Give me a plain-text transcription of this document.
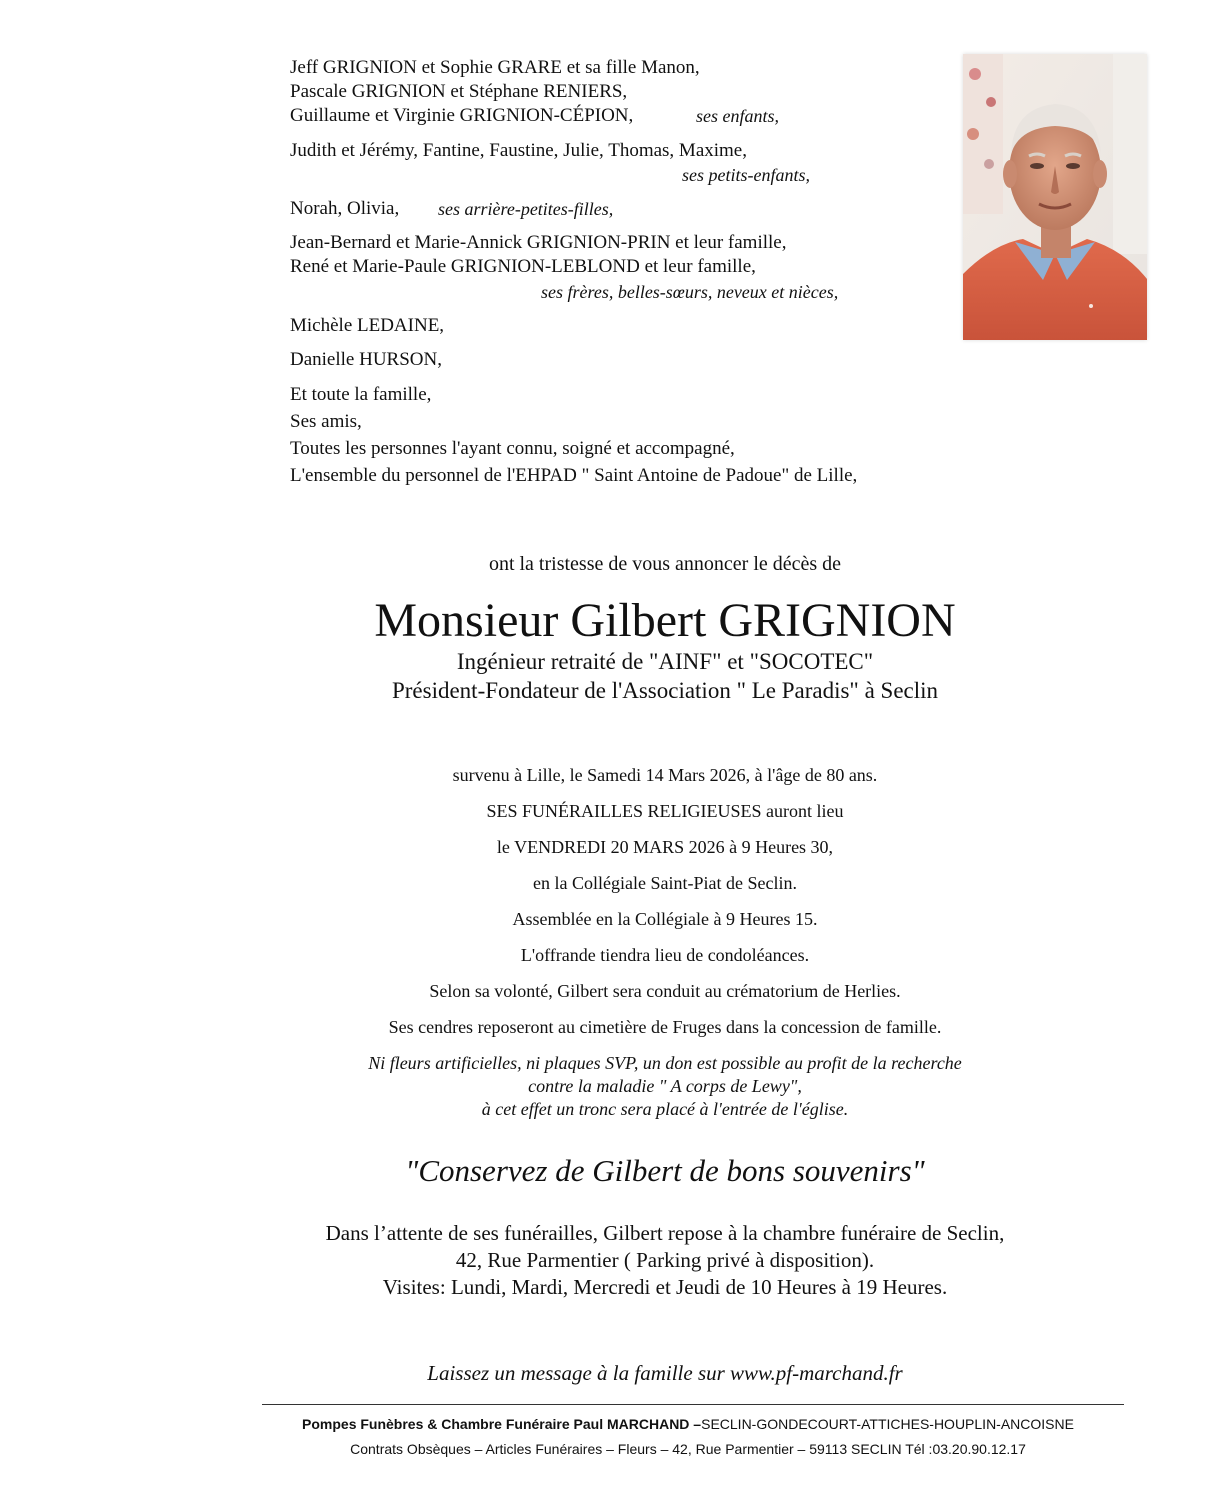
Jeff GRIGNION et Sophie GRARE et sa fille Manon,
Pascale GRIGNION et Stéphane RENIERS,
Guillaume et Virginie GRIGNION-CÉPION,	ses enfants,
Judith et Jérémy, Fantine, Faustine, Julie, Thomas, Maxime,
ses petits-enfants,
Norah, Olivia, ses arrière-petites-filles,
Jean-Bernard et Marie-Annick GRIGNION-PRIN et leur famille,
René et Marie-Paule GRIGNION-LEBLOND et leur famille,
ses frères, belles-sœurs, neveux et nièces,
Michèle LEDAINE,
Danielle HURSON,
Et toute la famille,
Ses amis,
Toutes les personnes l'ayant connu, soigné et accompagné,
L'ensemble du personnel de l'EHPAD " Saint Antoine de Padoue" de Lille,
ont la tristesse de vous annoncer le décès de
Monsieur Gilbert GRIGNION
Ingénieur retraité de "AINF" et "SOCOTEC"
Président-Fondateur de l'Association " Le Paradis" à Seclin
survenu à Lille, le Samedi 14 Mars 2026, à l'âge de 80 ans.
SES FUNÉRAILLES RELIGIEUSES auront lieu
le VENDREDI 20 MARS 2026 à 9 Heures 30,
en la Collégiale Saint-Piat de Seclin.
Assemblée en la Collégiale à 9 Heures 15.
L'offrande tiendra lieu de condoléances.
Selon sa volonté, Gilbert sera conduit au crématorium de Herlies.
Ses cendres reposeront au cimetière de Fruges dans la concession de famille.
Ni fleurs artificielles, ni plaques SVP, un don est possible au profit de la recherche
contre la maladie " A corps de Lewy",
à cet effet un tronc sera placé à l'entrée de l'église.
"Conservez de Gilbert de bons souvenirs"
Dans l’attente de ses funérailles, Gilbert repose à la chambre funéraire de Seclin,
42, Rue Parmentier ( Parking privé à disposition).
Visites: Lundi, Mardi, Mercredi et Jeudi de 10 Heures à 19 Heures.
Laissez un message à la famille sur www.pf-marchand.fr
Pompes Funèbres & Chambre Funéraire Paul MARCHAND –SECLIN-GONDECOURT-ATTICHES-HOUPLIN-ANCOISNE
Contrats Obsèques – Articles Funéraires – Fleurs – 42, Rue Parmentier – 59113 SECLIN Tél :03.20.90.12.17
